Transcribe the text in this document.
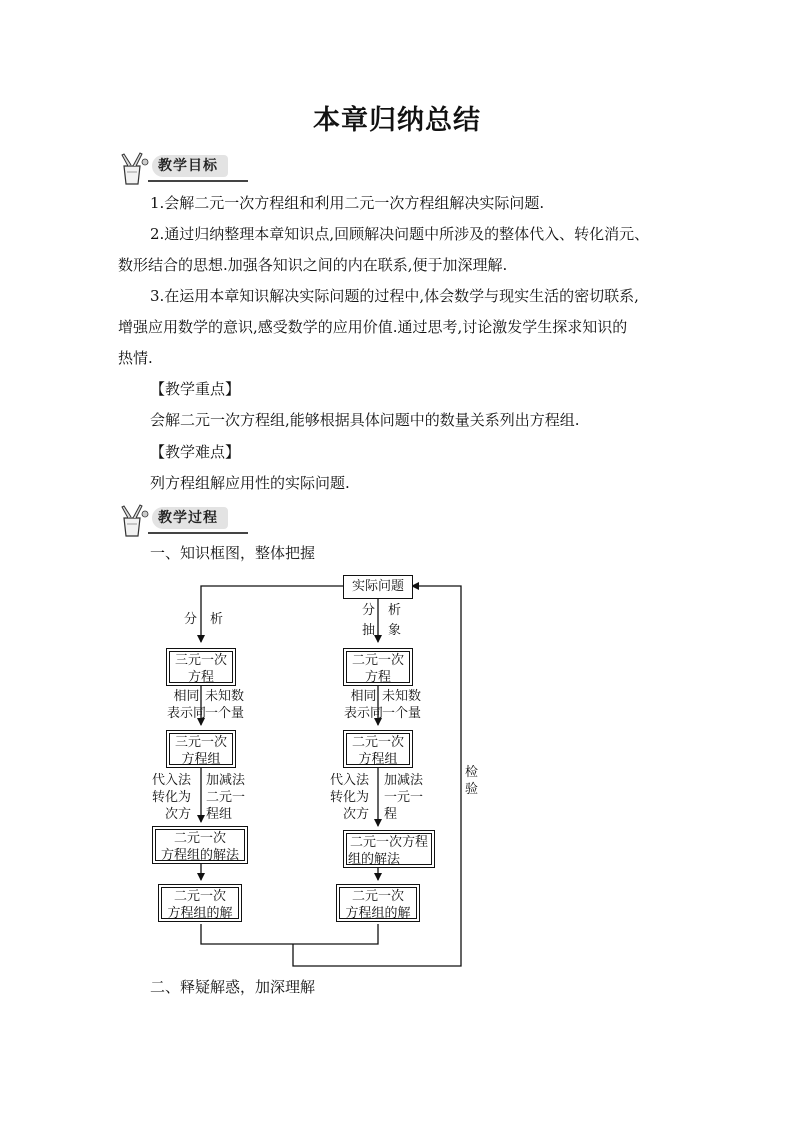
本章归纳总结
教学目标
1.会解二元一次方程组和利用二元一次方程组解决实际问题.
2.通过归纳整理本章知识点,回顾解决问题中所涉及的整体代入、转化消元、
数形结合的思想.加强各知识之间的内在联系,便于加深理解.
3.在运用本章知识解决实际问题的过程中,体会数学与现实生活的密切联系,
增强应用数学的意识,感受数学的应用价值.通过思考,讨论激发学生探求知识的
热情.
【教学重点】
会解二元一次方程组,能够根据具体问题中的数量关系列出方程组.
【教学难点】
列方程组解应用性的实际问题.
教学过程
一、知识框图，整体把握
实际问题
分　析
分　析
抽　象
三元一次
方程
相同
表示同
未知数
一个量
三元一次
方程组
代入法
转化为
次方
加减法
二元一
程组
二元一次
方程组的解法
二元一次
方程组的解
二元一次
方程
相同
表示同
未知数
一个量
二元一次
方程组
代入法
转化为
次方
加减法
一元一
程
二元一次方程
组的解法
二元一次
方程组的解
检
验
二、释疑解惑，加深理解
